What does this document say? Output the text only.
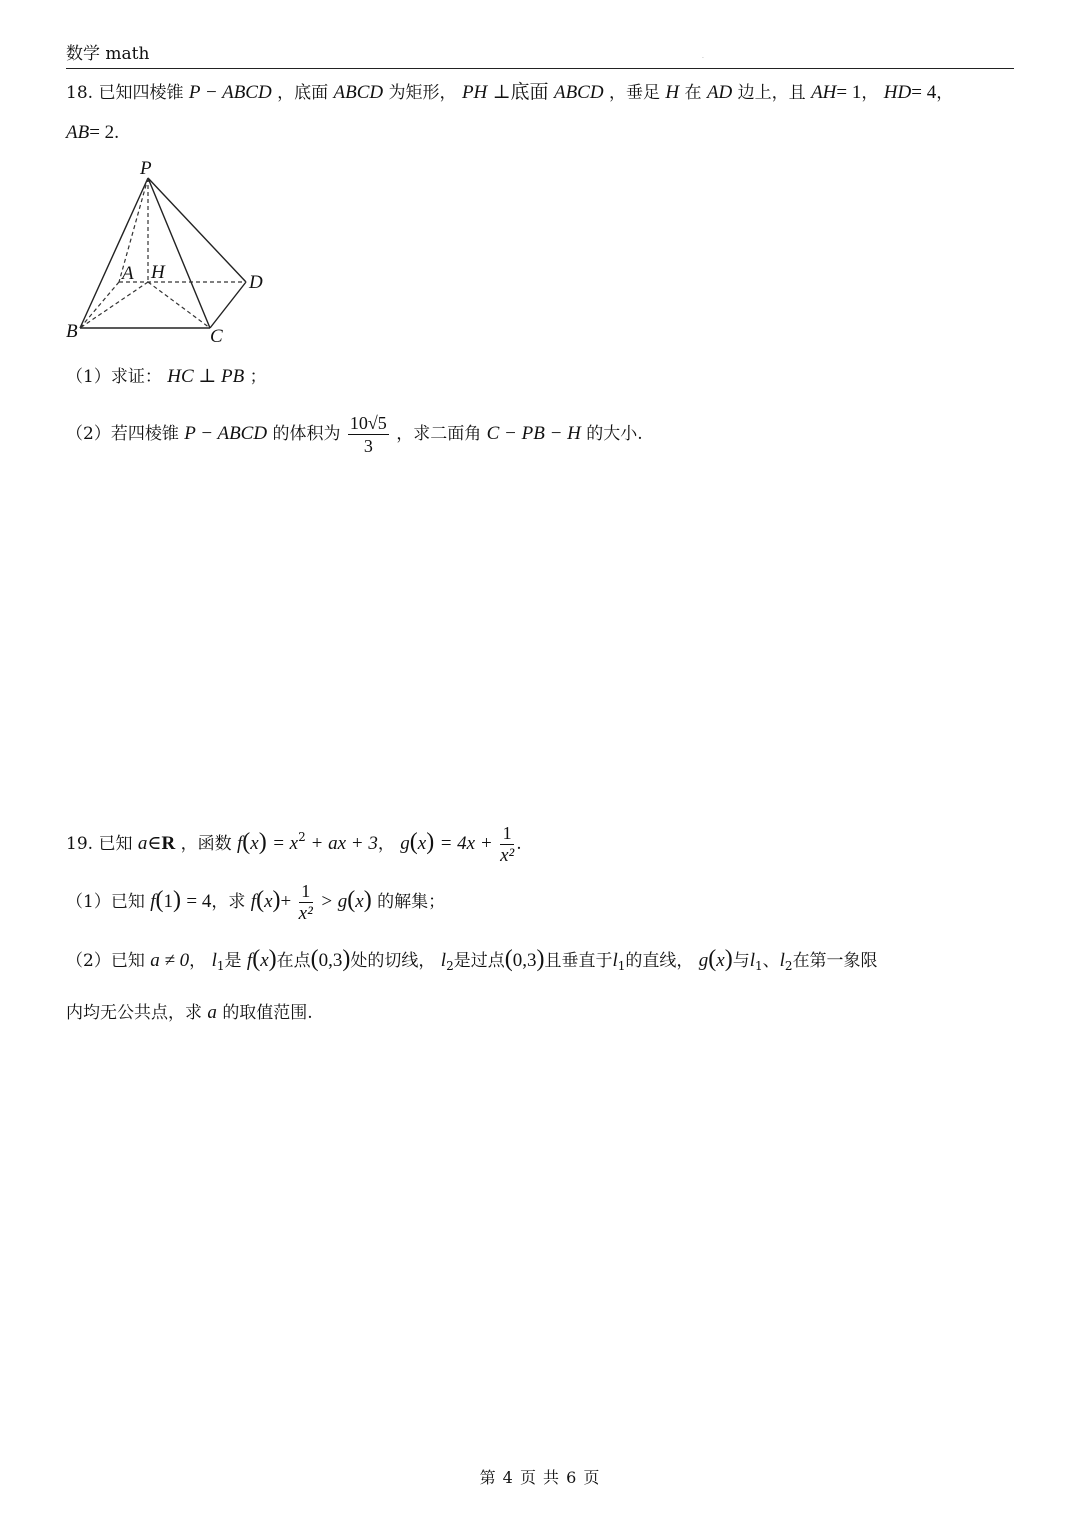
数学 math	.
18. 已知四棱锥 P − ABCD ，底面 ABCD 为矩形， PH ⊥底面 ABCD ，垂足 H 在 AD 边上，且 AH= 1， HD= 4，
AB= 2.
P
A H	D
B	C
（1）求证： HC ⊥ PB ；
（2）若四棱锥 P − ABCD 的体积为 $\frac{10√5}{3}$ ，求二面角 C − PB − H 的大小.
19. 已知 a∈R ，函数 $f(x) = x^2$ + ax + 3， $g(x) = 4x + \frac{1}{\text{x²}}$ .
（1）已知 f(1) = 4，求 $f(x)+ \frac{1}{\text{x²}} > g(x)$ 的解集；
（2）已知 a ≠ 0， $l_1$是 f(x)在点(0,3)处的切线， $l_2$是过点(0,3)且垂直于$l_1$的直线， g(x)与$l_1$、$l_2$在第一象限
内均无公共点，求 a 的取值范围.
第 4 页 共 6 页
